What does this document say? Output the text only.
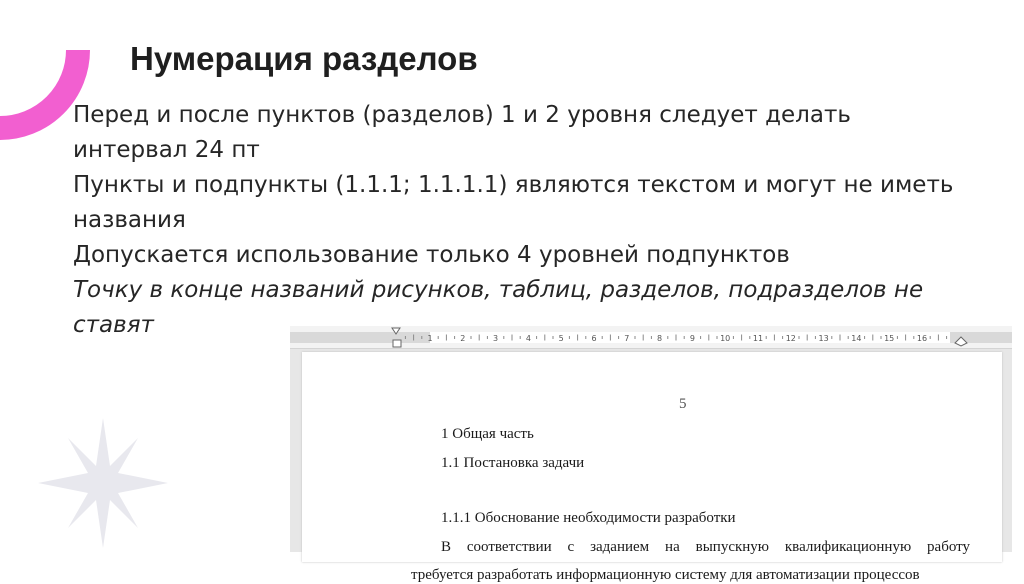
Нумерация разделов

Перед и после пунктов (разделов) 1 и 2 уровня следует делать

интервал 24 пт

Пункты и подпункты (1.1.1; 1.1.1.1) являются текстом и могут не иметь

названия

Допускается использование только 4 уровней подпунктов

Точку в конце названий рисунков, таблиц, разделов, подразделов не

ставят

1	2	3	4	5	6	7	8	9	10	11	12	13	14	15	16
5
1 Общая часть
1.1 Постановка задачи
1.1.1 Обоснование необходимости разработки
В соответствии с заданием на выпускную квалификационную работу
требуется разработать информационную систему для автоматизации процессов
